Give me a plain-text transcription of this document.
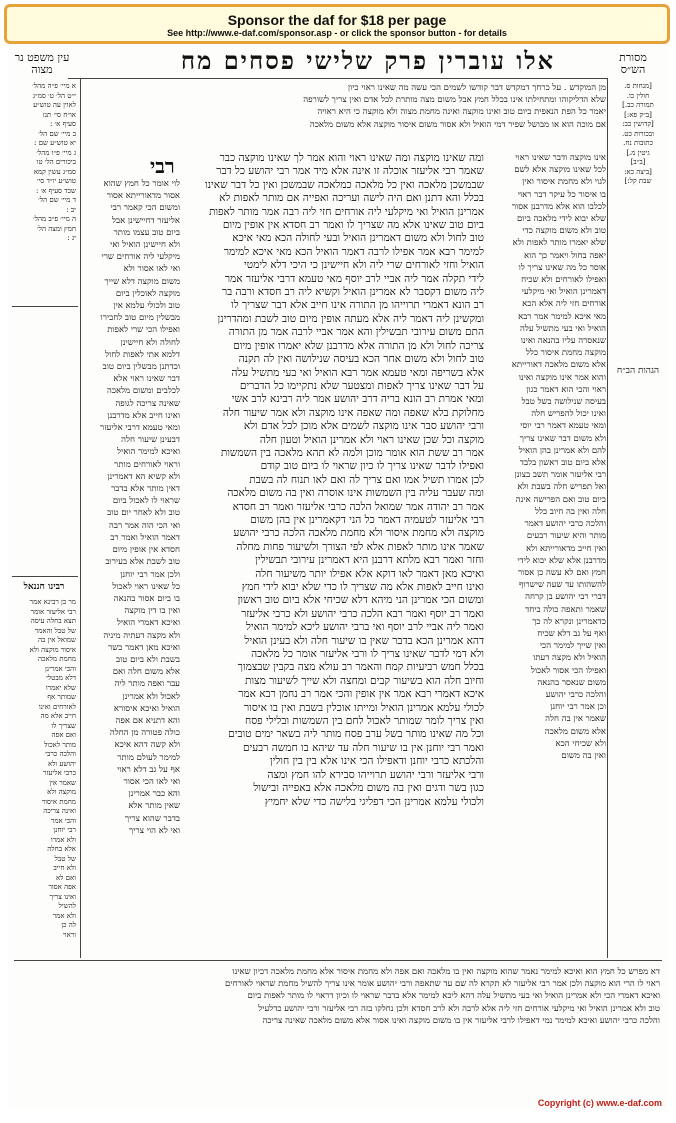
Sponsor the daf for $18 per page
See http://www.e-daf.com/sponsor.asp - or click the sponsor button - for details
מסורת הש״ס
אלו עוברין פרק שלישי פסחים מח
עין משפט נר מצוה

מן המוקדש . על כרחך דמקדש דבר קודשו לשמים הכי עשה מה שאינו ראוי כיון

שלא הדליקוהו ומתחילתו אינו בכלל חמץ אבל משום מצה מותרת לכל אדם ואין צריך לשורפה

יאמר כל הפת הנאפית ביום טוב ואינו מוקצה ואינה מחמת מצוה ולא מוקצה כי היא ראויה

אם מוכה הוא או מבושל שפיר דמי הואיל ולא אסור משום איסור מוקצה אלא משום מלאכה

[מנחות ס.

חולין כו.

תמורה כב.]

[ב״ק פא:]

[קדושין כב:

ובכורות כט.

כתובות נח.

גיטין מ.]

[ב״ב]

[ביצה כא:

שבת קל:]

הגהות הב״ח

אינו מוקצה ודבר שאינו ראוי

לכל שאינו מוקצה אלא לשם

לגוי ולא מחמת איסור ואין

בו איסור כל עיקר דבר ראוי

לכלבו הוא אלא מדרבנן אסור

שלא יבוא לידי מלאכה ביום

טוב ולא משום מוקצה כדי

שלא יאמרו מותר לאפות ולא

יאפה בחול ויאמר כך הוא

אוסר כל מה שאינו צריך לו

ואפילו לאורחים ולא שכיח

דאמרינן הואיל ואי מיקלעי

אורחים חזי ליה אלא הכא

מאי איכא למימר אמר רבא

הואיל ואי בעי מתשיל עלה

שנאסרה עליו בהנאה ואינו

מוקצה מחמת איסור כלל

אלא משום מלאכה דאורייתא

והוא אמר אינו מוקצה ואינו

ראוי והכי הוא דאמר כגון

בעיסה שנילושה בשל טבל

ואינו יכול להפריש חלה

ומאי טעמא דאמר רבי יוסי

ולא משום דבר שאינו צריך

להם ולא אמרינן בהן הואיל

אלא ביום טוב ראשון בלבד

רבי אליעזר אומר תשב בצונן

ואל תפריש חלה בשבת ולא

ביום טוב ואם הפרישה אינה

חלה ואין בה חיוב כלל

והלכה כרבי יהושע דאמר

מותר והיא שיעור רבעים

ואין חייב מדאורייתא ולא

מדרבנן אלא שלא יבוא לידי

חמץ ואם לא עשה כן אסור

להשהותו עד שעה שישרוף

דברי רבי יהושע בן קרחה

שאמר ותאפה כולה ביחד

כדאמרינן ונקרא לה כך

ואף על גב דלא שכיח

ואין שייך למימר הכי

הואיל ולא מקצה דעתו

ואפילו הכי אסור לאכול

משום שנאסר בהנאה

והלכה כרבי יהושע

וכן אמר רבי יוחנן

שאמר אין בה חלה

אלא משום מלאכה

ולא שכיחי הכא

ואין בה משום

ומה שאינו מוקצה ומה שאינו ראוי והוא אמר לך שאינו מוקצה כבר

שאמר רבי אליעזר אוכלה זו אינה אלא מיד אמר רבי יהושע כל דבר

שבמשכן מלאכה ואין כל מלאכה כמלאכה שבמשכן ואין כל דבר שאינו

בכלל והא דתנן ואם היה לישה ועריכה ואפייה אם מותר לאפות לא

אמרינן הואיל ואי מיקלעי ליה אורחים חזי ליה רבה אמר מותר לאפות

ביום טוב שאינו אלא מה שצריך לו ואמר רב חסדא אין אופין מיום

טוב לחול ולא משום דאמרינן הואיל ובעי לחולה הכא מאי איכא

למימר רבא אמר אפילו לרבה דאמר הואיל הכא מאי איכא למימר

הואיל וחזי לאורחים שרי ליה ולא חיישינן כי היכי דלא לימטי

לידי תקלה אמר ליה אביי לרב יוסף מאי טעמא דרבי אליעזר אמר

ליה משום דקסבר לא אמרינן הואיל וקשיא ליה רב חסדא ורבה בר

רב הונא דאמרי תרוייהו מן התורה אינו חייב אלא דבר שצריך לו

ומקשינן ליה דאמר ליה אלא מעתה אופין מיום טוב לשבת ומהדרינן

התם משום עירובי תבשילין והא אמר אביי לרבה אמר מן התורה

צריכה לחול ולא מן התורה אלא מדרבנן שלא יאמרו אופין מיום

טוב לחול ולא משום אחר הכא בעיסה שנילושה ואין לה תקנה

אלא בשריפה ומאי טעמא אמר רבא הואיל ואי בעי מתשיל עלה

על דבר שאינו צריך לאפות ומצטער שלא נתקיימו כל הדברים

ומאי אמרת רב הונא בריה דרב יהושע אמר ליה רבינא לרב אשי

מחלוקת בלא שאפה ומה שאפה אינו מוקצה ולא אמר שיעור חלה

ורבי יהושע סבר אינו מוקצה לשמים אלא מוכן לכל אדם ולא

מוקצה וכל שכן שאינו ראוי ולא אמרינן הואיל וטעון חלה

אמר רב ששת הוא אומר מוכן ולמה לא תהא מלאכה בין השמשות

ואפילו לדבר שאינו צריך לו כיון שראוי לו ביום טוב קודם

לכן אמרו תשיל אמו ואם צריך לה ואם לאו תנוח לה בשבת

ומה שעבר עליה בין השמשות אינו אוסרה ואין בה משום מלאכה

אמר רב יהודה אמר שמואל הלכה כרבי אליעזר ואמר רב חסדא

רבי אליעזר לטעמיה דאמר כל הני דקאמרינן אין בהן משום

מוקצה ולא מחמת איסור ולא מחמת מלאכה הלכה כרבי יהושע

שאמר אינו מותר לאפות אלא לפי הצורך ולשיעור פחות מחלה

וחזר ואמר רבא מלתא דרבנן היא דאמרינן עירובי תבשילין

ואיכא מאן דאמר לאו דוקא אלא אפילו יותר משיעור חלה

ואינו חייב לאפות אלא מה שצריך לו כדי שלא יבוא לידי חמץ

ומשום הכי אמרינן הני מיהא דלא שכיחי אלא ביום טוב ראשון

ואמר רב יוסף ואמר רבא הלכה כרבי יהושע ולא כרבי אליעזר

ואמר ליה אביי לרב יוסף ואי ברבי יהושע ליכא למימר הואיל

דהא אמרינן הכא בדבר שאין בו שיעור חלה ולא בעינן הואיל

ולא דמי לדבר שאינו צריך לו ורבי אליעזר אומר כל מלאכה

בכלל חמש רביעיות קמח והאמר רב עולא מצה בקבין שבצמוך

וחיוב חלה הוא בשיעור קבים ומחצה ולא שייך לשיעור מצות

איכא דאמרי רבא אמר אין אופין והכי אמר רב נחמן רבא אמר

לכולי עלמא אמרינן הואיל ומייתו אוכלין בשבת ואין בו איסור

ואין צריך לומר שמותר לאכול לחם בין השמשות ובלילי פסח

וכל מה שאינו מותר בשל ערב פסח מותר ליה בשאר ימים טובים

ואמר רבי יוחנן אין בו שיעור חלה עד שיהא בו חמשה רבעים

והלכתא כרבי יוחנן ודאפילו הכי אינו אלא בין בין חולין

ורבי אליעזר ורבי יהושע תרוייהו סבירא להו חמץ ומצה

כגון בשר ודגים ואין בה משום מלאכה אלא באפייה ובישול

ולכולי עלמא אמרינן הכי דפליגי בלישה כדי שלא יחמיץ

רבי

לוי אומר כל חמץ שהוא

אסור מדאורייתא אסור

ומשום הכי קאמר רבי

אליעזר דחיישינן אבל

ביום טוב עצמו מותר

ולא חיישינן הואיל ואי

מיקלעי ליה אורחים שרי

ואי לאו אסור ולא

משום מוקצה דלא שייך

מוקצה לאוכלין ביום

טוב ולכולי עלמא אין

מבשלין מיום טוב לחבירו

ואפילו הכי שרי לאפות

לחולה ולא חיישינן

דלמא אתי לאפות לחול

וכדתנן מבשלין ביום טוב

דבר שאינו ראוי אלא

לכלבים ומשום מלאכה

שאינה צריכה לגופה

ואינו חייב אלא מדרבנן

ומאי טעמא דרבי אליעזר

דבעינן שיעור חלה

ואיכא למימר הואיל

וראוי לאורחים מותר

ולא קשיא הא דאמרינן

דאין מותר אלא בדבר

שראוי לו לאכול ביום

טוב ולא לאחר יום טוב

ואי הכי הוה אמר רבה

דאמר הואיל ואמר רב

חסדא אין אופין מיום

טוב לשבת אלא בעירוב

ולכן אמר רבי יוחנן

כל שאינו ראוי לאכול

בו ביום אסור בהנאה

ואין בו דין מוקצה

ואיכא דאמרי הואיל

ולא מקצה דעתיה מיניה

ואיכא מאן דאמר כשר

בשבת ולא ביום טוב

אלא משום חלה ואם

עבר ואפה מותר ליה

לאכול ולא אמרינן

הואיל ואיכא איסורא

והא דתניא אם אפה

כולה פטורה מן החלה

ולא קשה דהא איכא

למימר לעולם מותר

אף על גב דלא ראוי

ואי לאו הכי אסור

והא כבר אמרינן

שאין מותר אלא

בדבר שהוא צריך

ואי לא הוי צריך

א מיי׳ פ״ה מהל׳

י״ט הל׳ ט׳ סמ״ג

לאוין עה טוש״ע

או״ח סי׳ תנז

סעיף א׳ :

ב מיי׳ שם הל׳

יא טוש״ע שם :

ג מיי׳ פ״ו מהל׳

ביכורים הל׳ טו

סמ״ג עשין קמא

טוש״ע יו״ד סי׳

שכד סעיף א׳ :

ד מיי׳ שם הל׳

יב :

ה מיי׳ פ״ב מהל׳

חמץ ומצה הל׳

יג :

רבינו חננאל

מר בן רבינא אמר

רבי אליעזר אומר

תצא בחלה עיסה

של טבל והאמר

שמואל אין בה

איסור מוקצה ולא

מחמת מלאכה

והכי אמרינן

דלא מבטלי

שלא יאמרו

שמותר אף

לאורחים ואינו

חייב אלא מה

שצריך לו

ואם אפה

מותר לאכול

והלכה כרבי

יהושע ולא

כרבי אליעזר

שאמר אין

מוקצה ולא

מחמת איסור

ואינה צריכה

והכי אמר

רבי יוחנן

ולא אמרו

אלא בחלה

של טבל

ולא חייב

ואם לא

אפה אסור

ואינו צריך

להשיל

ולא אמר

לה כן

וראוי

דא מפרש כל חמץ הוא ואיכא למימר נאמר שהוא מוקצה ואין בו מלאכה ואם אפה ולא מחמת איסור אלא מחמת מלאכה דכיון שאינו

ראוי לו הרי הוא מוקצה ולכן אמר רבי אליעזר לא תקרא לה שם עד שתאפה ורבי יהושע אומר אינו צריך להשיל מחמת שראוי לאורחים

ואיכא דאמרי הכי ולא אמרינן הואיל ואי בעי מתשיל עלה דהא ליכא למימר אלא בדבר שראוי לו וכיון דראוי לו מותר לאפות ביום

טוב ולא אמרינן הואיל ואי מיקלעי אורחים חזי ליה אלא לרבה ולא לרב חסדא ולכן נחלקו בזה רבי אליעזר ורבי יהושע כדלעיל

והלכה כרבי יהושע ואיכא למימר נמי דאפילו לרבי אליעזר אין בו משום מוקצה ואינו אסור אלא משום מלאכה שאינה צריכה

Copyright (c) www.e-daf.com
